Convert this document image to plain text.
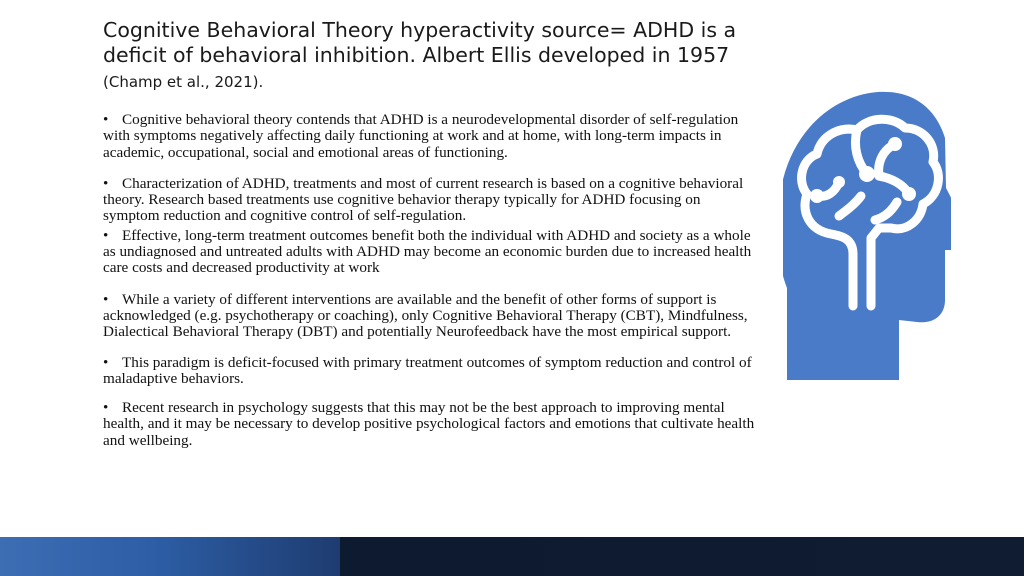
Cognitive Behavioral Theory hyperactivity source= ADHD is a deficit of behavioral inhibition. Albert Ellis developed in 1957 (Champ et al., 2021).
• Cognitive behavioral theory contends that ADHD is a neurodevelopmental disorder of self-regulation with symptoms negatively affecting daily functioning at work and at home, with long-term impacts in academic, occupational, social and emotional areas of functioning.
• Characterization of ADHD, treatments and most of current research is based on a cognitive behavioral theory. Research based treatments use cognitive behavior therapy typically for ADHD focusing on symptom reduction and cognitive control of self-regulation.
• Effective, long-term treatment outcomes benefit both the individual with ADHD and society as a whole as undiagnosed and untreated adults with ADHD may become an economic burden due to increased health care costs and decreased productivity at work
• While a variety of different interventions are available and the benefit of other forms of support is acknowledged (e.g. psychotherapy or coaching), only Cognitive Behavioral Therapy (CBT), Mindfulness, Dialectical Behavioral Therapy (DBT) and potentially Neurofeedback have the most empirical support.
• This paradigm is deficit-focused with primary treatment outcomes of symptom reduction and control of maladaptive behaviors.
• Recent research in psychology suggests that this may not be the best approach to improving mental health, and it may be necessary to develop positive psychological factors and emotions that cultivate health and wellbeing.
